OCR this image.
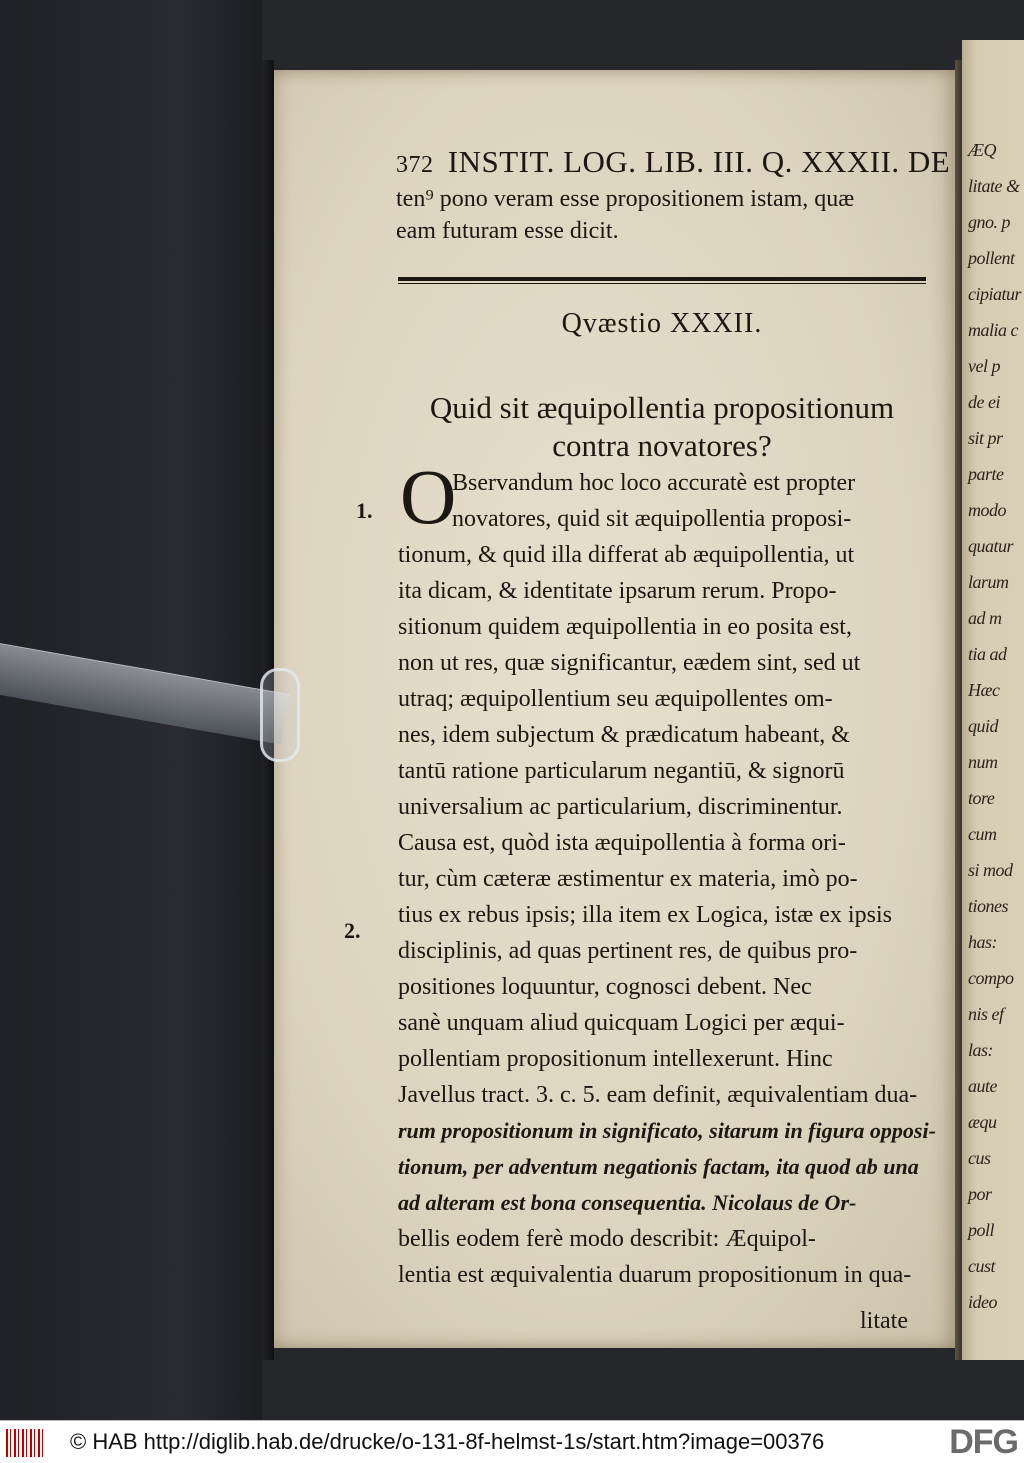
ÆQ
litate &
gno. p
pollent
cipiatur
malia c
vel p
de ei
sit pr
parte
modo
quatur
larum
ad m
tia ad
Hæc
quid
num
tore
cum
si mod
tiones
has:
compo
nis ef
las:
aute
æqu
cus
por
poll
cust
ideo
372 INSTIT. LOG. LIB. III. Q. XXXII. DE
ten⁹ pono veram esse propositionem istam, quæ
eam futuram esse dicit.
Qvæstio XXXII.
Quid sit æquipollentia propositionum
contra novatores?
1.
2.
O
Bservandum hoc loco accuratè est propter
novatores, quid sit æquipollentia proposi-
tionum, & quid illa differat ab æquipollentia, ut
ita dicam, & identitate ipsarum rerum. Propo-
sitionum quidem æquipollentia in eo posita est,
non ut res, quæ significantur, eædem sint, sed ut
utraq; æquipollentium seu æquipollentes om-
nes, idem subjectum & prædicatum habeant, &
tantū ratione particularum negantiū, & signorū
universalium ac particularium, discriminentur.
Causa est, quòd ista æquipollentia à forma ori-
tur, cùm cæteræ æstimentur ex materia, imò po-
tius ex rebus ipsis; illa item ex Logica, istæ ex ipsis
disciplinis, ad quas pertinent res, de quibus pro-
positiones loquuntur, cognosci debent. Nec
sanè unquam aliud quicquam Logici per æqui-
pollentiam propositionum intellexerunt. Hinc
Javellus tract. 3. c. 5. eam definit, æquivalentiam dua-
rum propositionum in significato, sitarum in figura opposi-
tionum, per adventum negationis factam, ita quod ab una
ad alteram est bona consequentia. Nicolaus de Or-
bellis eodem ferè modo describit: Æquipol-
lentia est æquivalentia duarum propositionum in qua-
litate
© HAB http://diglib.hab.de/drucke/o-131-8f-helmst-1s/start.htm?image=00376	DFG
